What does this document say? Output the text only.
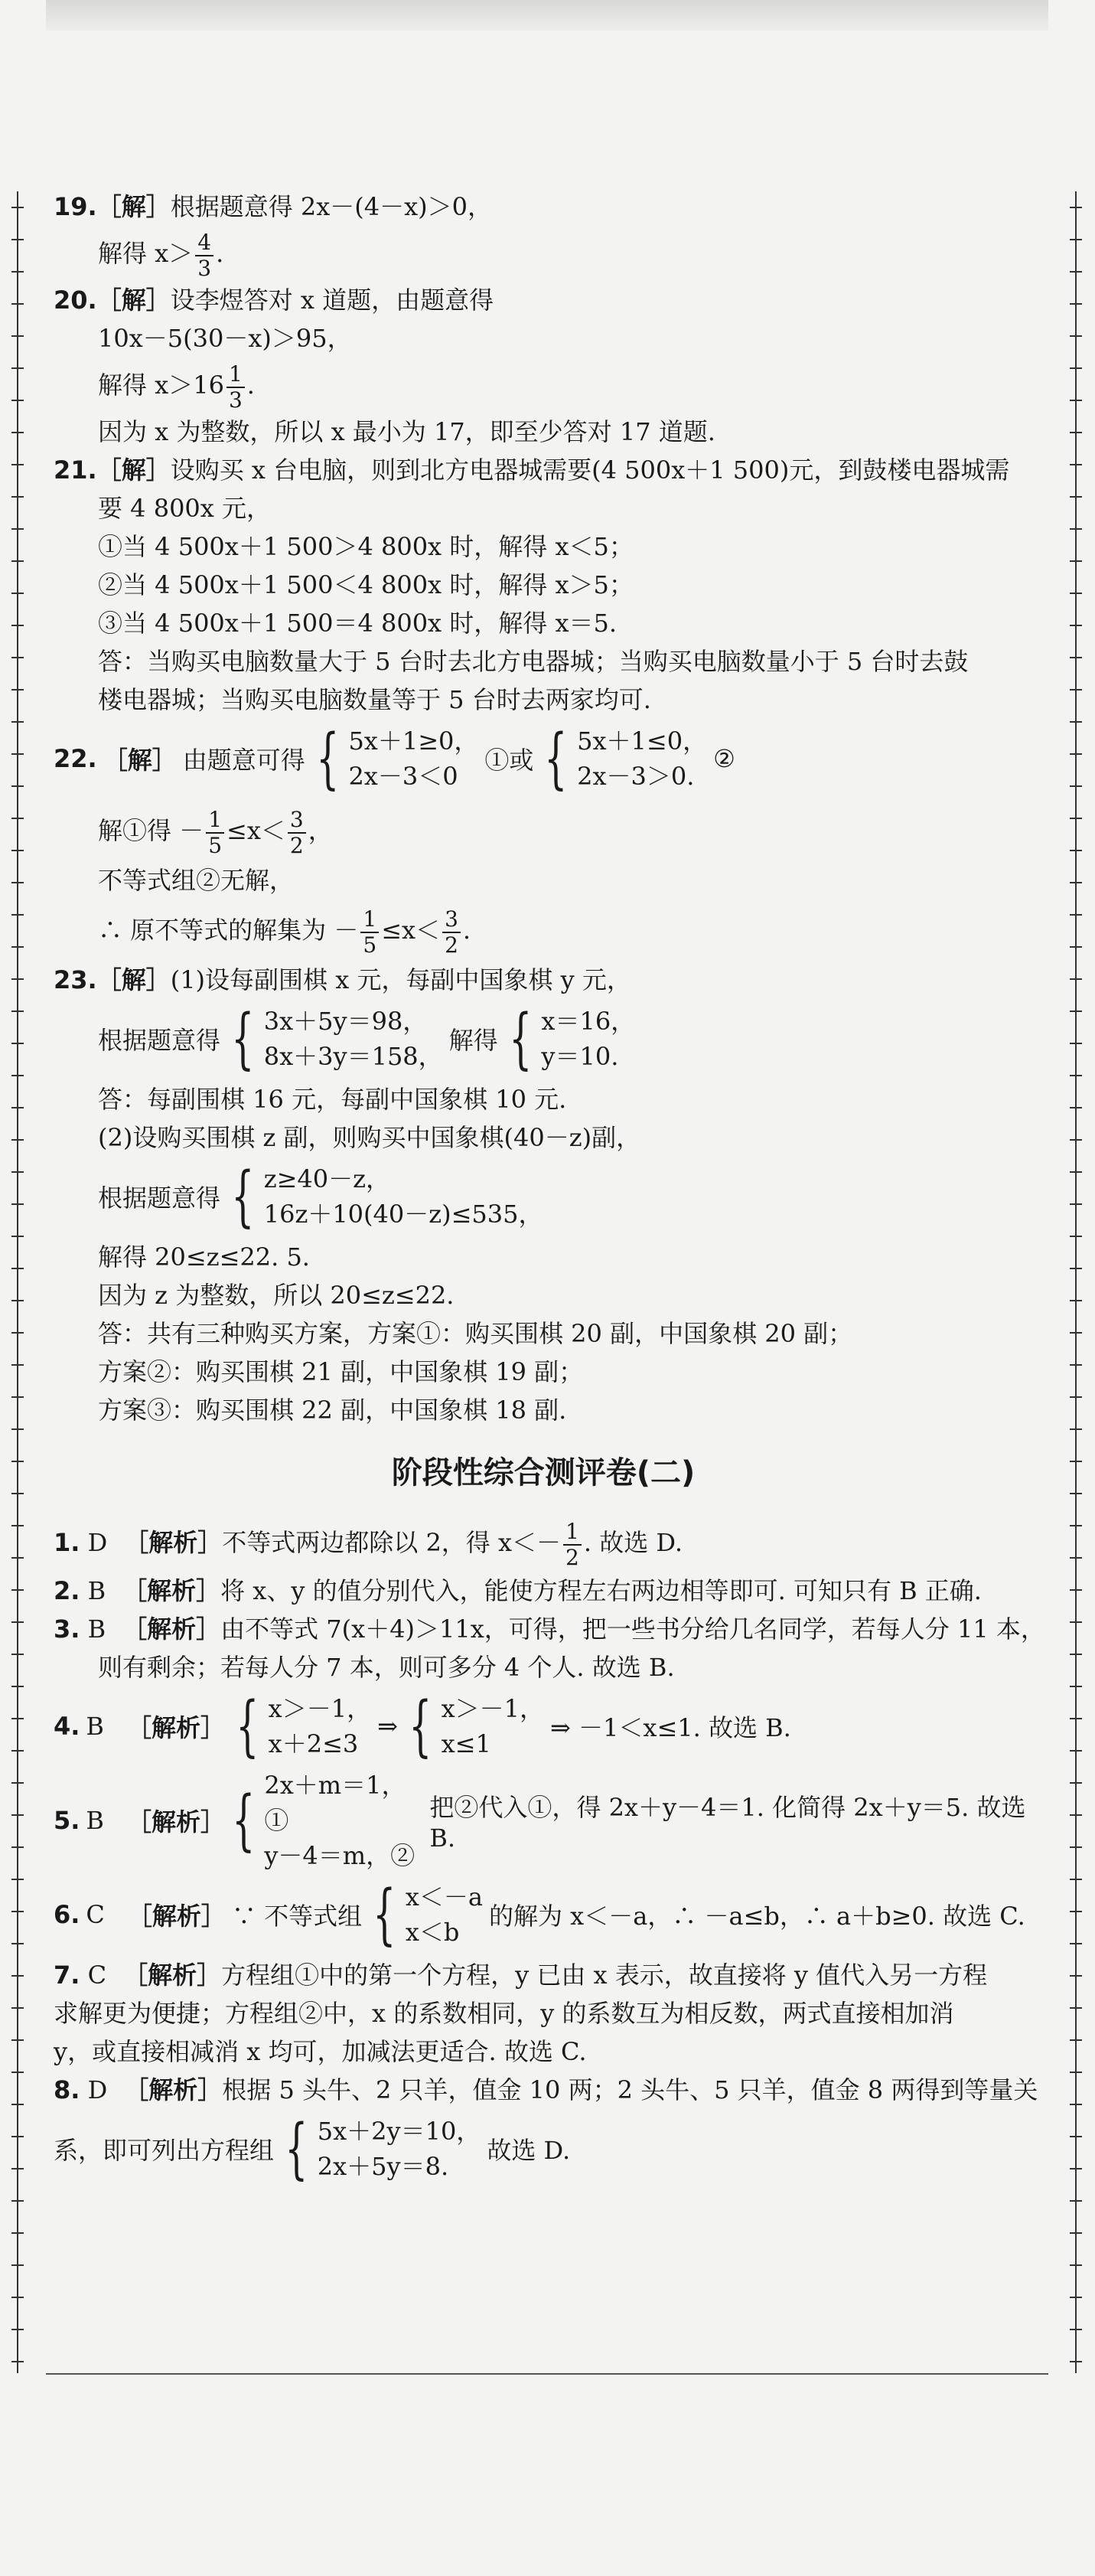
19.［解］根据题意得 2x－(4－x)＞0，

解得 $x> \frac{4}{3}$ .

20.［解］设李煜答对 x 道题，由题意得

10x－5(30－x)＞95，

解得 $x>16 \frac{1}{3}$ .

因为 x 为整数，所以 x 最小为 17，即至少答对 17 道题.

21.［解］设购买 x 台电脑，则到北方电器城需要(4 500x＋1 500)元，到鼓楼电器城需

要 4 800x 元，

①当 4 500x＋1 500＞4 800x 时，解得 x＜5；

②当 4 500x＋1 500＜4 800x 时，解得 x＞5；

③当 4 500x＋1 500＝4 800x 时，解得 x＝5.

答：当购买电脑数量大于 5 台时去北方电器城；当购买电脑数量小于 5 台时去鼓

楼电器城；当购买电脑数量等于 5 台时去两家均可.

22. ［解］ 由题意可得 { 5x＋1≥0，
2x－3＜0
①或 { 5x＋1≤0，
2x－3＞0.
②

解①得 － $\frac{1}{5} \le x< \frac{3}{2}$ ，

不等式组②无解，

∴ 原不等式的解集为 － $\frac{1}{5} \le x< \frac{3}{2}$ .

23.［解］(1)设每副围棋 x 元，每副中国象棋 y 元，

根据题意得 { 3x＋5y＝98，
8x＋3y＝158，
解得 { x＝16，
y＝10.

答：每副围棋 16 元，每副中国象棋 10 元.

(2)设购买围棋 z 副，则购买中国象棋(40－z)副，

根据题意得 { z≥40－z，
16z＋10(40－z)≤535，

解得 20≤z≤22. 5.

因为 z 为整数，所以 20≤z≤22.

答：共有三种购买方案，方案①：购买围棋 20 副，中国象棋 20 副；

方案②：购买围棋 21 副，中国象棋 19 副；

方案③：购买围棋 22 副，中国象棋 18 副.

阶段性综合测评卷(二)

1. D ［解析］不等式两边都除以 2，得 $x<- \frac{1}{2}$ . 故选 D.

2. B ［解析］将 x、y 的值分别代入，能使方程左右两边相等即可. 可知只有 B 正确.

3. B ［解析］由不等式 7(x＋4)＞11x，可得，把一些书分给几名同学，若每人分 11 本，

则有剩余；若每人分 7 本，则可多分 4 个人. 故选 B.

4. B ［解析］ { x＞－1，
x＋2≤3
⇒ { x＞－1，
x≤1
⇒ －1＜x≤1. 故选 B.
5. B ［解析］ { 2x＋m＝1，①
y－4＝m，②
把②代入①，得 2x＋y－4＝1. 化简得 2x＋y＝5. 故选 B.
6. C ［解析］ ∵ 不等式组 { x＜－a
x＜b
的解为 x＜－a，∴ －a≤b，∴ a＋b≥0. 故选 C.

7. C ［解析］方程组①中的第一个方程，y 已由 x 表示，故直接将 y 值代入另一方程

求解更为便捷；方程组②中，x 的系数相同，y 的系数互为相反数，两式直接相加消

y，或直接相减消 x 均可，加减法更适合. 故选 C.

8. D ［解析］根据 5 头牛、2 只羊，值金 10 两；2 头牛、5 只羊，值金 8 两得到等量关

系，即可列出方程组 { 5x＋2y＝10，
2x＋5y＝8.
故选 D.
